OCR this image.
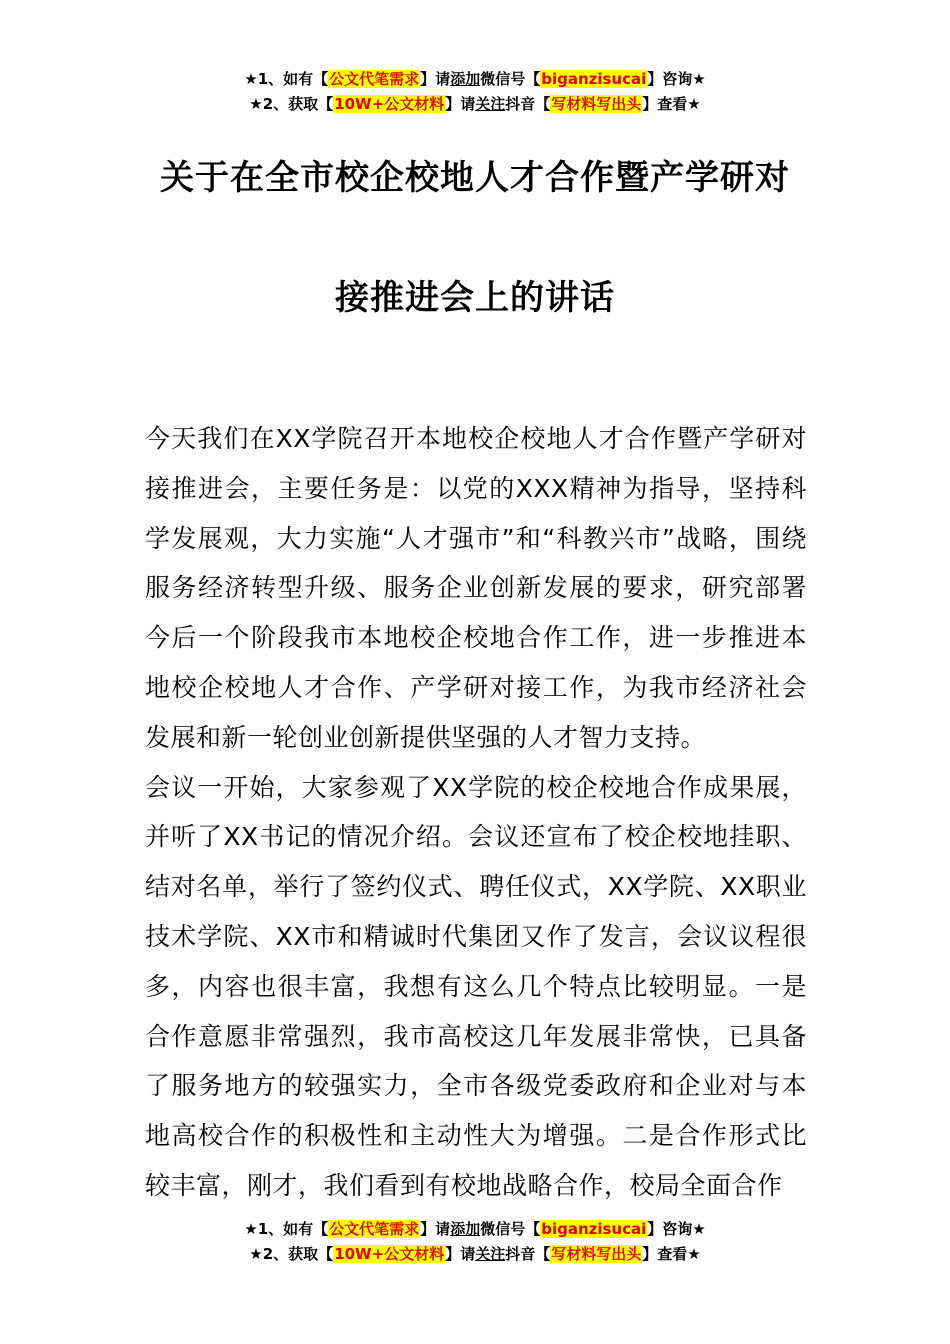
★1、如有【公文代笔需求】请添加微信号【biganzisucai】咨询★
★2、获取【10W+公文材料】请关注抖音【写材料写出头】查看★
关于在全市校企校地人才合作暨产学研对
接推进会上的讲话

今天我们在XX学院召开本地校企校地人才合作暨产学研对接推进会，主要任务是：以党的XXX精神为指导，坚持科学发展观，大力实施“人才强市”和“科教兴市”战略，围绕服务经济转型升级、服务企业创新发展的要求，研究部署今后一个阶段我市本地校企校地合作工作，进一步推进本地校企校地人才合作、产学研对接工作，为我市经济社会发展和新一轮创业创新提供坚强的人才智力支持。

会议一开始，大家参观了XX学院的校企校地合作成果展，并听了XX书记的情况介绍。会议还宣布了校企校地挂职、结对名单，举行了签约仪式、聘任仪式，XX学院、XX职业技术学院、XX市和精诚时代集团又作了发言，会议议程很多，内容也很丰富，我想有这么几个特点比较明显。一是合作意愿非常强烈，我市高校这几年发展非常快，已具备了服务地方的较强实力，全市各级党委政府和企业对与本地高校合作的积极性和主动性大为增强。二是合作形式比较丰富，刚才，我们看到有校地战略合作，校局全面合作

★1、如有【公文代笔需求】请添加微信号【biganzisucai】咨询★
★2、获取【10W+公文材料】请关注抖音【写材料写出头】查看★
